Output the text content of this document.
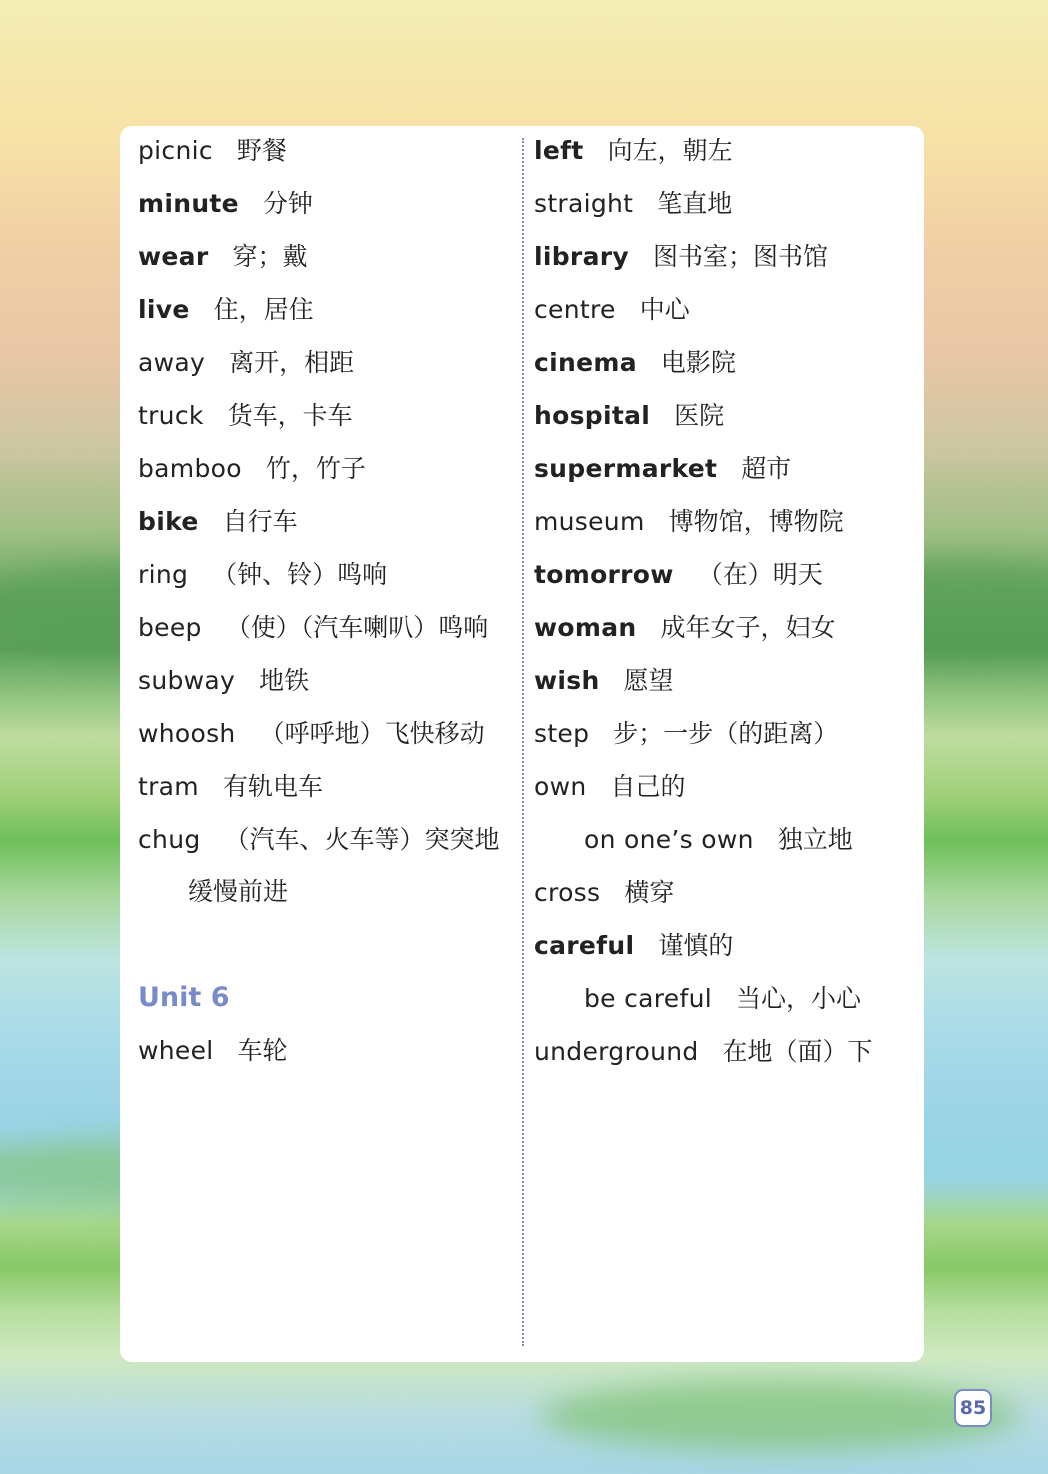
picnic 野餐
minute 分钟
wear 穿；戴
live 住，居住
away 离开，相距
truck 货车，卡车
bamboo 竹，竹子
bike 自行车
ring （钟、铃）鸣响
beep （使）（汽车喇叭）鸣响
subway 地铁
whoosh （呼呼地）飞快移动
tram 有轨电车
chug （汽车、火车等）突突地
缓慢前进
Unit 6
wheel 车轮
left 向左，朝左
straight 笔直地
library 图书室；图书馆
centre 中心
cinema 电影院
hospital 医院
supermarket 超市
museum 博物馆，博物院
tomorrow （在）明天
woman 成年女子，妇女
wish 愿望
step 步；一步（的距离）
own 自己的
on one’s own 独立地
cross 横穿
careful 谨慎的
be careful 当心，小心
underground 在地（面）下
85
